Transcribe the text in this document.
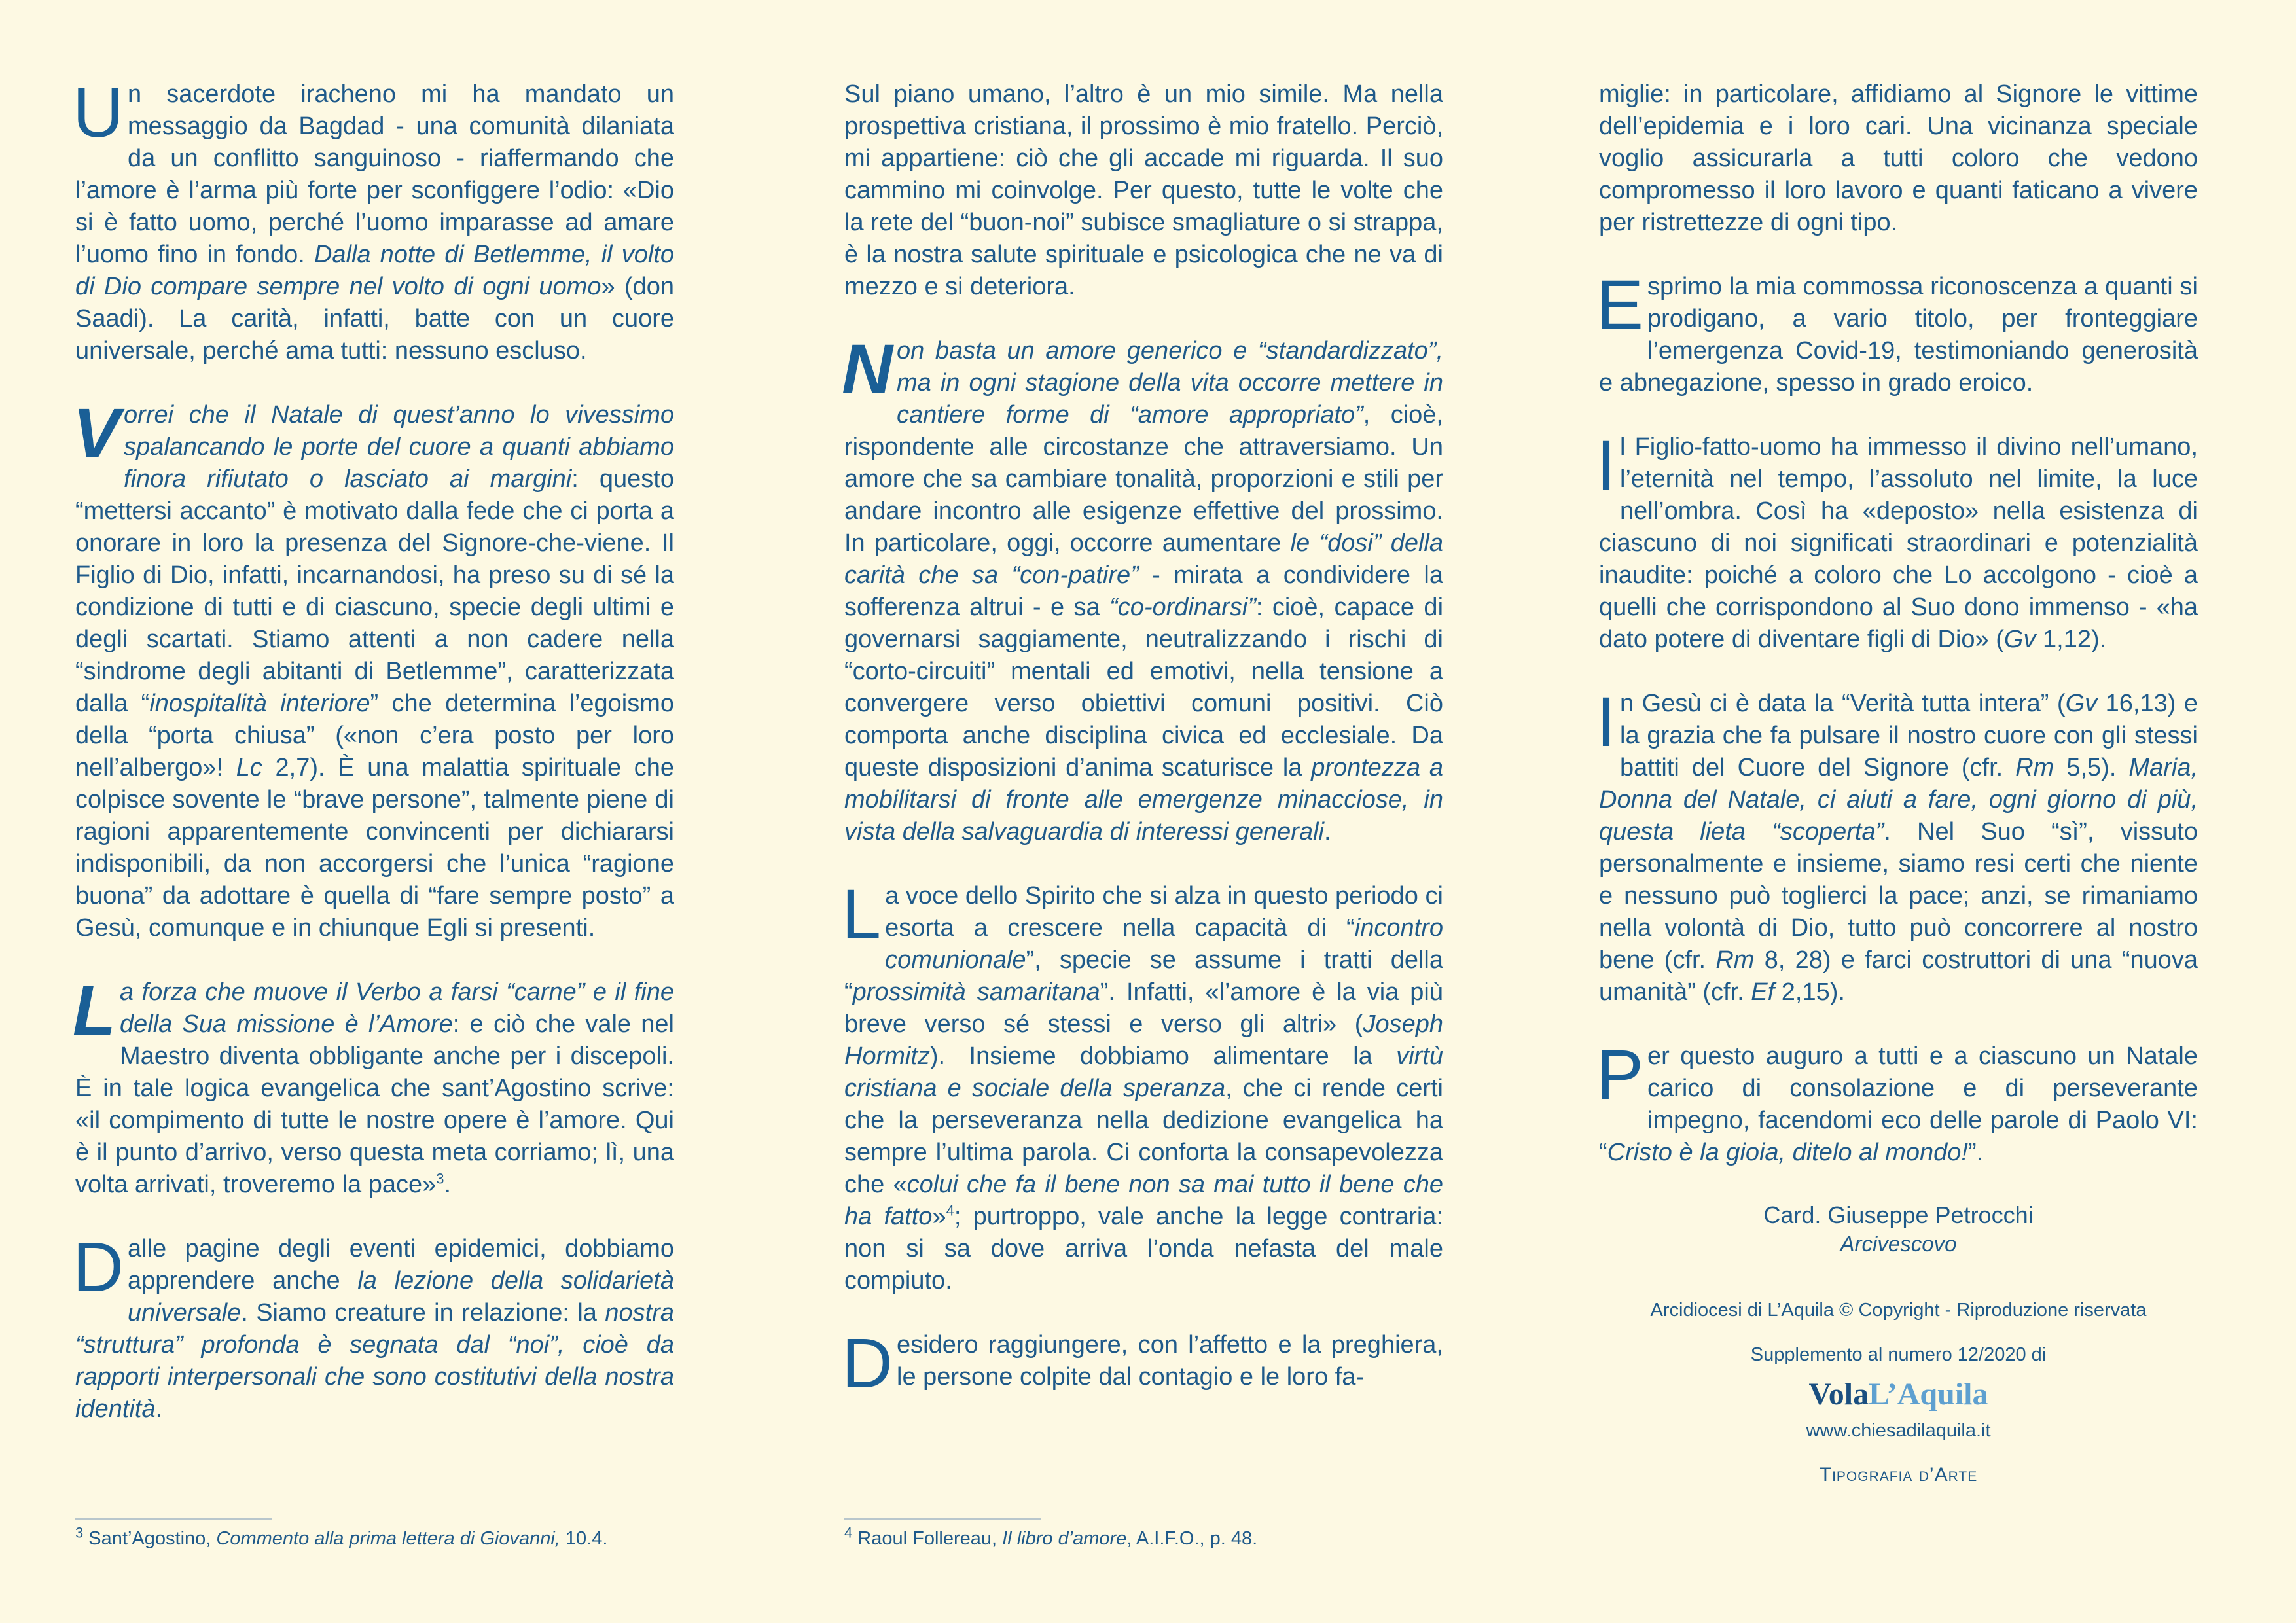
Un sacerdote iracheno mi ha mandato un messaggio da Bagdad - una comunità dilaniata da un conflitto sanguinoso - riaffermando che l’amore è l’arma più forte per sconfiggere l’odio: «Dio si è fatto uomo, perché l’uomo imparasse ad amare l’uomo fino in fondo. Dalla notte di Betlemme, il volto di Dio compare sempre nel volto di ogni uomo» (don Saadi). La carità, infatti, batte con un cuore universale, perché ama tutti: nessuno escluso.

Vorrei che il Natale di quest’anno lo vivessimo spalancando le porte del cuore a quanti abbiamo finora rifiutato o lasciato ai margini: questo “mettersi accanto” è motivato dalla fede che ci porta a onorare in loro la presenza del Signore-che-viene. Il Figlio di Dio, infatti, incarnandosi, ha preso su di sé la condizione di tutti e di ciascuno, specie degli ultimi e degli scartati. Stiamo attenti a non cadere nella “sindrome degli abitanti di Betlemme”, caratterizzata dalla “inospitalità interiore” che determina l’egoismo della “porta chiusa” («non c’era posto per loro nell’albergo»! Lc 2,7). È una malattia spirituale che colpisce sovente le “brave persone”, talmente piene di ragioni apparentemente convincenti per dichiararsi indisponibili, da non accorgersi che l’unica “ragione buona” da adottare è quella di “fare sempre posto” a Gesù, comunque e in chiunque Egli si presenti.

La forza che muove il Verbo a farsi “carne” e il fine della Sua missione è l’Amore: e ciò che vale nel Maestro diventa obbligante anche per i discepoli. È in tale logica evangelica che sant’Agostino scrive: «il compimento di tutte le nostre opere è l’amore. Qui è il punto d’arrivo, verso questa meta corriamo; lì, una volta arrivati, troveremo la pace»$^3$.

Dalle pagine degli eventi epidemici, dobbiamo apprendere anche la lezione della solidarietà universale. Siamo creature in relazione: la nostra “struttura” profonda è segnata dal “noi”, cioè da rapporti interpersonali che sono costitutivi della nostra identità.

$^3$ Sant’Agostino, Commento alla prima lettera di Giovanni, 10.4.

Sul piano umano, l’altro è un mio simile. Ma nella prospettiva cristiana, il prossimo è mio fratello. Perciò, mi appartiene: ciò che gli accade mi riguarda. Il suo cammino mi coinvolge. Per questo, tutte le volte che la rete del “buon-noi” subisce smagliature o si strappa, è la nostra salute spirituale e psicologica che ne va di mezzo e si deteriora.

Non basta un amore generico e “standardizzato”, ma in ogni stagione della vita occorre mettere in cantiere forme di “amore appropriato”, cioè, rispondente alle circostanze che attraversiamo. Un amore che sa cambiare tonalità, proporzioni e stili per andare incontro alle esigenze effettive del prossimo. In particolare, oggi, occorre aumentare le “dosi” della carità che sa “con-patire” - mirata a condividere la sofferenza altrui - e sa “co-ordinarsi”: cioè, capace di governarsi saggiamente, neutralizzando i rischi di “corto-circuiti” mentali ed emotivi, nella tensione a convergere verso obiettivi comuni positivi. Ciò comporta anche disciplina civica ed ecclesiale. Da queste disposizioni d’anima scaturisce la prontezza a mobilitarsi di fronte alle emergenze minacciose, in vista della salvaguardia di interessi generali.

La voce dello Spirito che si alza in questo periodo ci esorta a crescere nella capacità di “incontro comunionale”, specie se assume i tratti della “prossimità samaritana”. Infatti, «l’amore è la via più breve verso sé stessi e verso gli altri» (Joseph Hormitz). Insieme dobbiamo alimentare la virtù cristiana e sociale della speranza, che ci rende certi che la perseveranza nella dedizione evangelica ha sempre l’ultima parola. Ci conforta la consapevolezza che «colui che fa il bene non sa mai tutto il bene che ha fatto»$^4$; purtroppo, vale anche la legge contraria: non si sa dove arriva l’onda nefasta del male compiuto.

Desidero raggiungere, con l’affetto e la preghiera, le persone colpite dal contagio e le loro fa-

$^4$ Raoul Follereau, Il libro d’amore, A.I.F.O., p. 48.

miglie: in particolare, affidiamo al Signore le vittime dell’epidemia e i loro cari. Una vicinanza speciale voglio assicurarla a tutti coloro che vedono compromesso il loro lavoro e quanti faticano a vivere per ristrettezze di ogni tipo.

Esprimo la mia commossa riconoscenza a quanti si prodigano, a vario titolo, per fronteggiare l’emergenza Covid-19, testimoniando generosità e abnegazione, spesso in grado eroico.

Il Figlio-fatto-uomo ha immesso il divino nell’umano, l’eternità nel tempo, l’assoluto nel limite, la luce nell’ombra. Così ha «deposto» nella esistenza di ciascuno di noi significati straordinari e potenzialità inaudite: poiché a coloro che Lo accolgono - cioè a quelli che corrispondono al Suo dono immenso - «ha dato potere di diventare figli di Dio» (Gv 1,12).

In Gesù ci è data la “Verità tutta intera” (Gv 16,13) e la grazia che fa pulsare il nostro cuore con gli stessi battiti del Cuore del Signore (cfr. Rm 5,5). Maria, Donna del Natale, ci aiuti a fare, ogni giorno di più, questa lieta “scoperta”. Nel Suo “sì”, vissuto personalmente e insieme, siamo resi certi che niente e nessuno può toglierci la pace; anzi, se rimaniamo nella volontà di Dio, tutto può concorrere al nostro bene (cfr. Rm 8, 28) e farci costruttori di una “nuova umanità” (cfr. Ef 2,15).

Per questo auguro a tutti e a ciascuno un Natale carico di consolazione e di perseverante impegno, facendomi eco delle parole di Paolo VI: “Cristo è la gioia, ditelo al mondo!”.

Card. Giuseppe Petrocchi
Arcivescovo
Arcidiocesi di L’Aquila © Copyright - Riproduzione riservata
Supplemento al numero 12/2020 di
VolaL’Aquila
www.chiesadilaquila.it
Tipografia d’Arte
